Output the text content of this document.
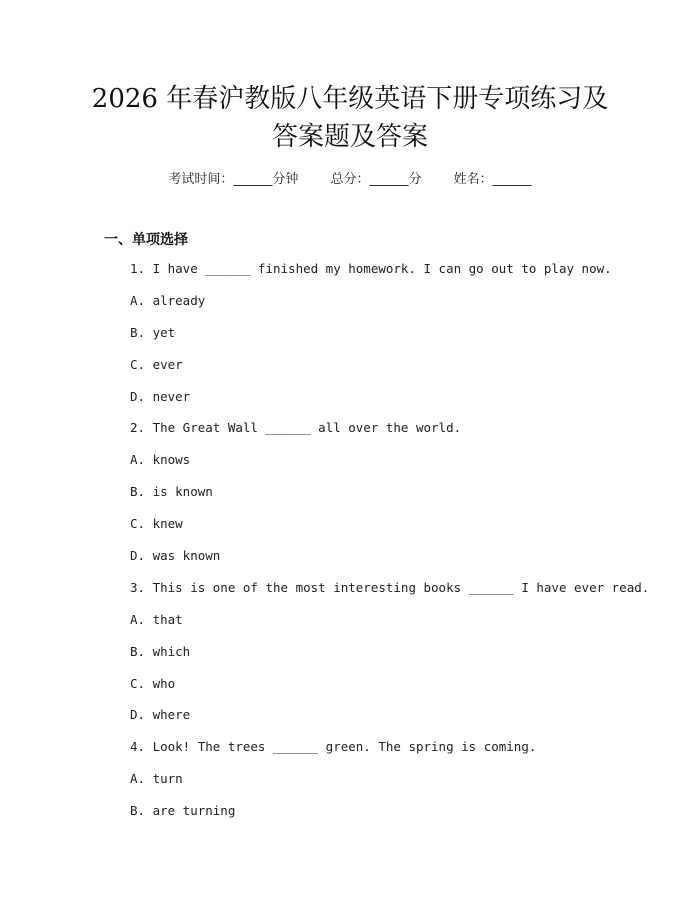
2026 年春沪教版八年级英语下册专项练习及
答案题及答案
考试时间：______分钟 总分：______分 姓名：______
一、单项选择
1. I have ______ finished my homework. I can go out to play now.
A. already
B. yet
C. ever
D. never
2. The Great Wall ______ all over the world.
A. knows
B. is known
C. knew
D. was known
3. This is one of the most interesting books ______ I have ever read.
A. that
B. which
C. who
D. where
4. Look! The trees ______ green. The spring is coming.
A. turn
B. are turning
